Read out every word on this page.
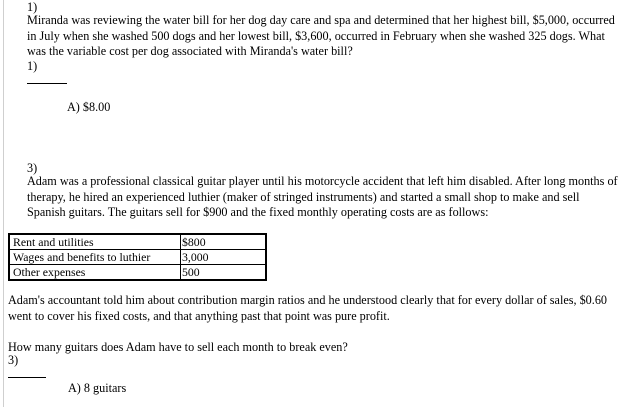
1)
Miranda was reviewing the water bill for her dog day care and spa and determined that her highest bill, $5,000, occurred in July when she washed 500 dogs and her lowest bill, $3,600, occurred in February when she washed 325 dogs. What was the variable cost per dog associated with Miranda's water bill?
1)
A) $8.00
3)
Adam was a professional classical guitar player until his motorcycle accident that left him disabled. After long months of therapy, he hired an experienced luthier (maker of stringed instruments) and started a small shop to make and sell Spanish guitars. The guitars sell for $900 and the fixed monthly operating costs are as follows:
Rent and utilities	$800
Wages and benefits to luthier	3,000
Other expenses	500
Adam's accountant told him about contribution margin ratios and he understood clearly that for every dollar of sales, $0.60 went to cover his fixed costs, and that anything past that point was pure profit.
How many guitars does Adam have to sell each month to break even?
3)
A) 8 guitars
